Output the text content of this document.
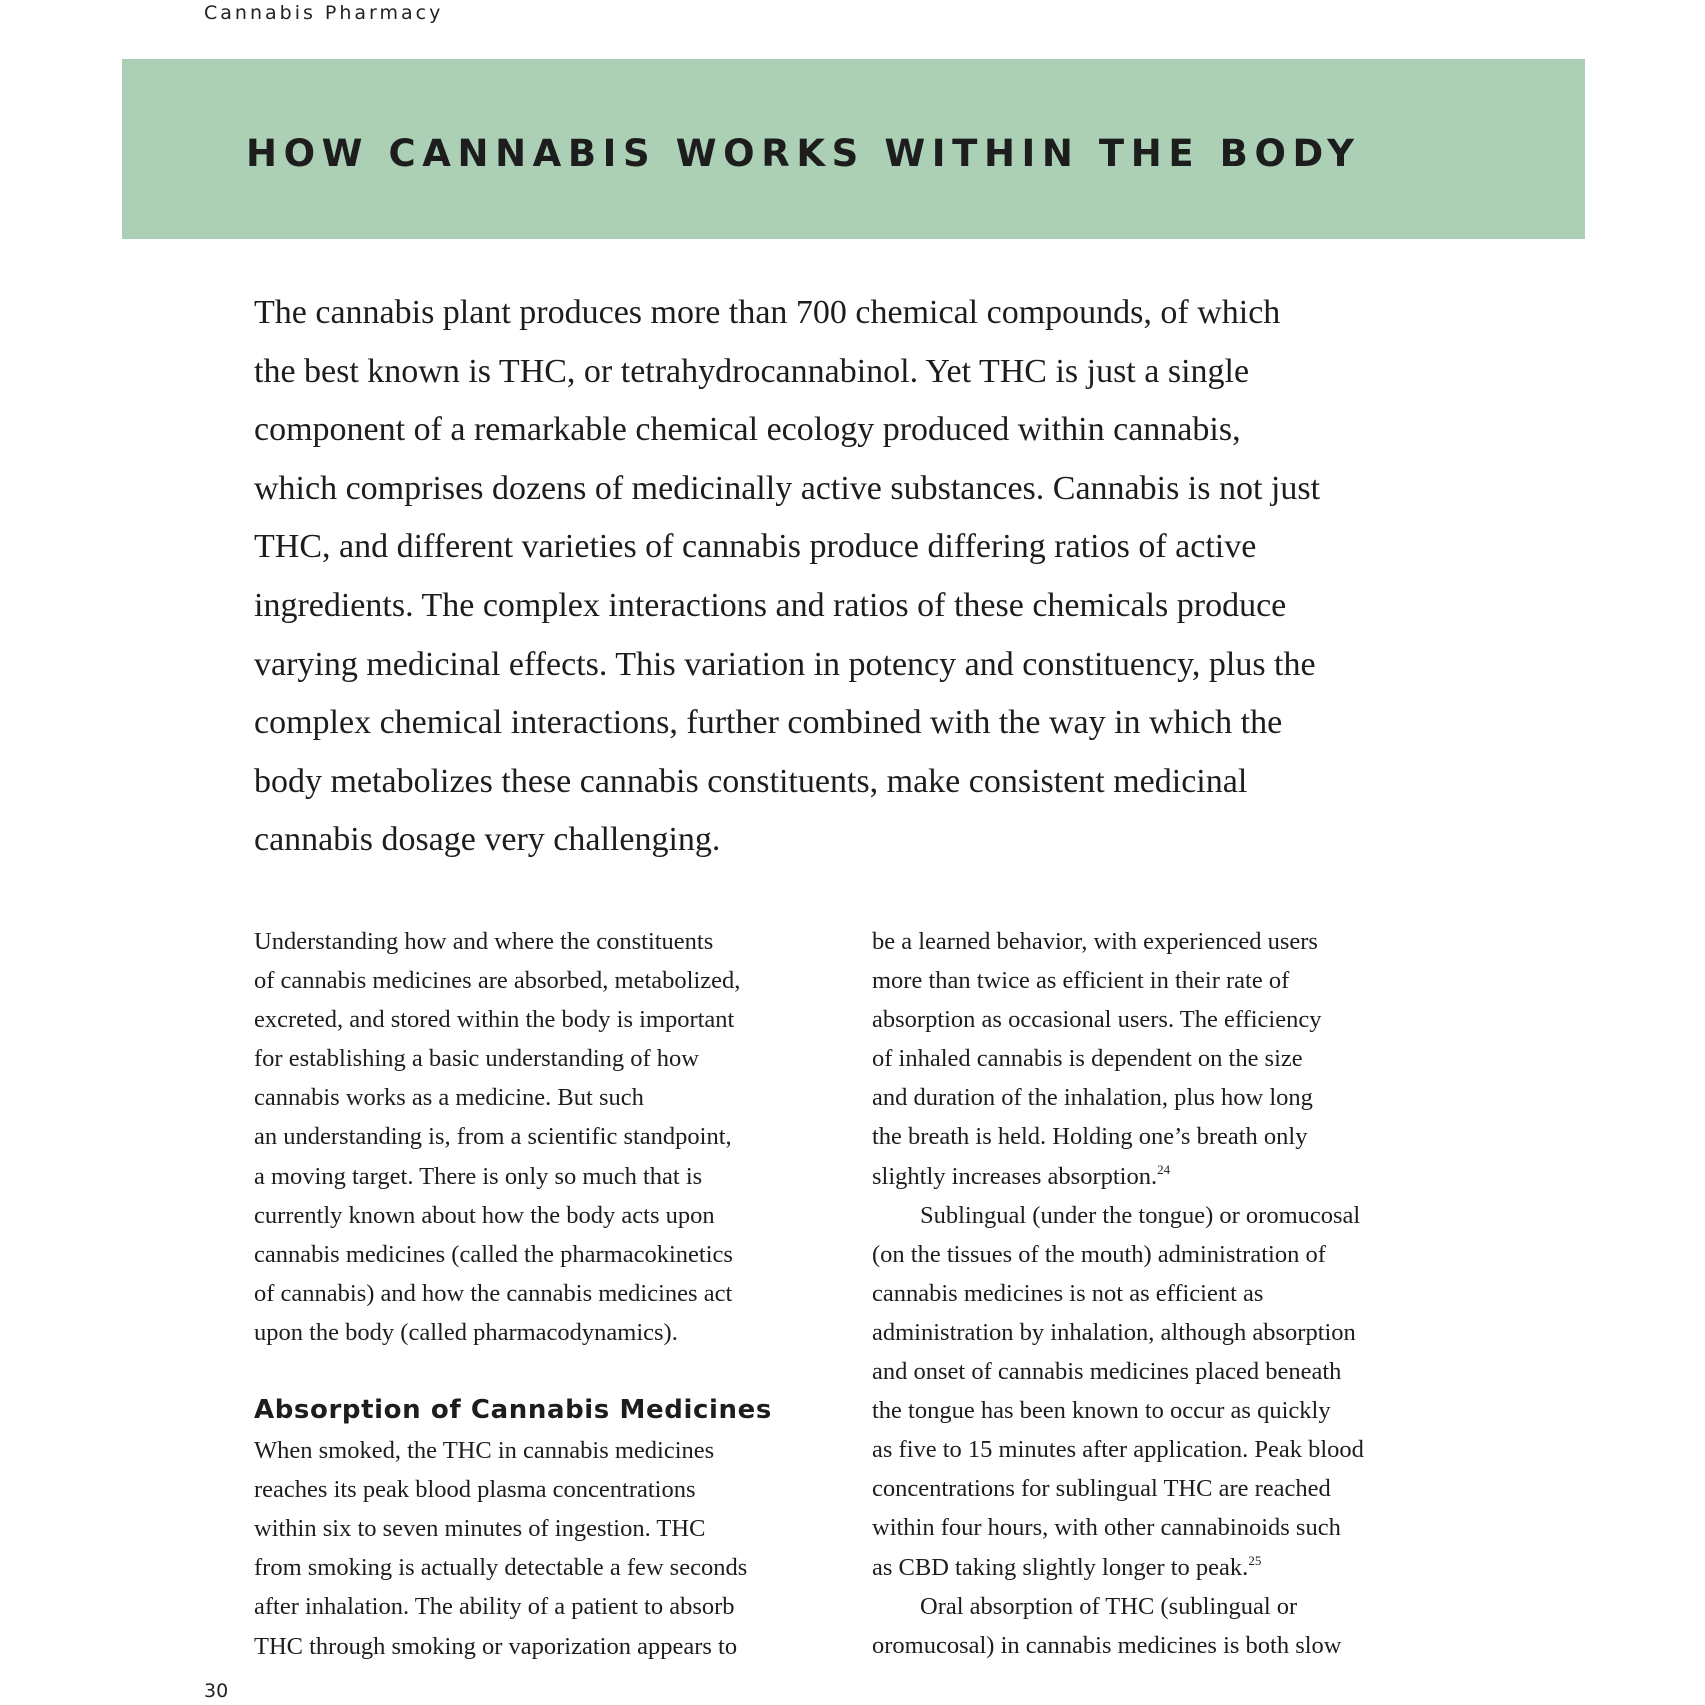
Cannabis Pharmacy
HOW CANNABIS WORKS WITHIN THE BODY
The cannabis plant produces more than 700 chemical compounds, of which
the best known is THC, or tetrahydrocannabinol. Yet THC is just a single
component of a remarkable chemical ecology produced within cannabis,
which comprises dozens of medicinally active substances. Cannabis is not just
THC, and different varieties of cannabis produce differing ratios of active
ingredients. The complex interactions and ratios of these chemicals produce
varying medicinal effects. This variation in potency and constituency, plus the
complex chemical interactions, further combined with the way in which the
body metabolizes these cannabis constituents, make consistent medicinal
cannabis dosage very challenging.
Understanding how and where the constituents
of cannabis medicines are absorbed, metabolized,
excreted, and stored within the body is important
for establishing a basic understanding of how
cannabis works as a medicine. But such
an understanding is, from a scientific standpoint,
a moving target. There is only so much that is
currently known about how the body acts upon
cannabis medicines (called the pharmacokinetics
of cannabis) and how the cannabis medicines act
upon the body (called pharmacodynamics).
Absorption of Cannabis Medicines
When smoked, the THC in cannabis medicines
reaches its peak blood plasma concentrations
within six to seven minutes of ingestion. THC
from smoking is actually detectable a few seconds
after inhalation. The ability of a patient to absorb
THC through smoking or vaporization appears to
be a learned behavior, with experienced users
more than twice as efficient in their rate of
absorption as occasional users. The efficiency
of inhaled cannabis is dependent on the size
and duration of the inhalation, plus how long
the breath is held. Holding one’s breath only
slightly increases absorption.$^{24}$
Sublingual (under the tongue) or oromucosal
(on the tissues of the mouth) administration of
cannabis medicines is not as efficient as
administration by inhalation, although absorption
and onset of cannabis medicines placed beneath
the tongue has been known to occur as quickly
as five to 15 minutes after application. Peak blood
concentrations for sublingual THC are reached
within four hours, with other cannabinoids such
as CBD taking slightly longer to peak.$^{25}$
Oral absorption of THC (sublingual or
oromucosal) in cannabis medicines is both slow
30
